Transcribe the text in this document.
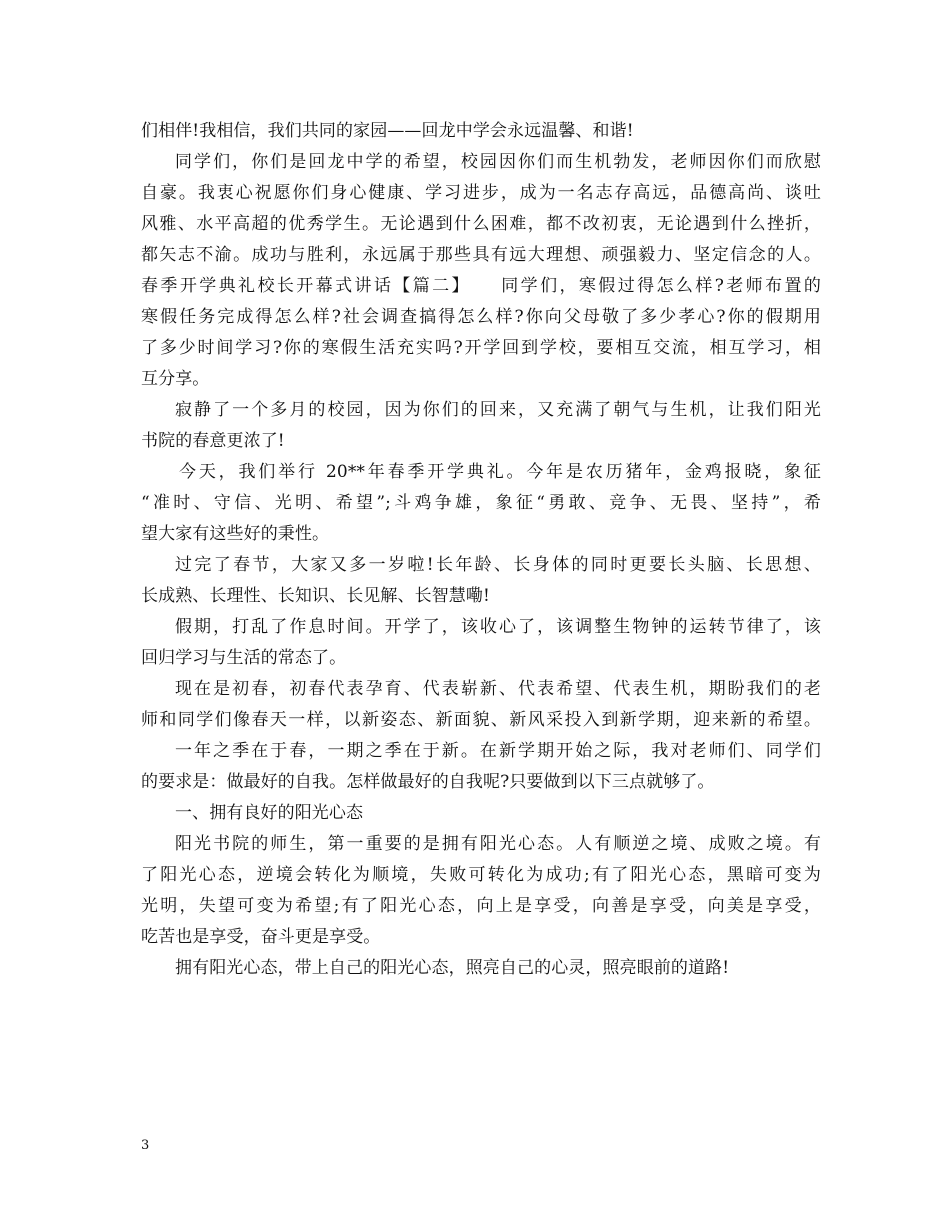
们相伴!我相信，我们共同的家园——回龙中学会永远温馨、和谐!
同学们，你们是回龙中学的希望，校园因你们而生机勃发，老师因你们而欣慰
自豪。我衷心祝愿你们身心健康、学习进步，成为一名志存高远，品德高尚、谈吐
风雅、水平高超的优秀学生。无论遇到什么困难，都不改初衷，无论遇到什么挫折，
都矢志不渝。成功与胜利，永远属于那些具有远大理想、顽强毅力、坚定信念的人。
春季开学典礼校长开幕式讲话【篇二】　　同学们，寒假过得怎么样?老师布置的
寒假任务完成得怎么样?社会调查搞得怎么样?你向父母敬了多少孝心?你的假期用
了多少时间学习?你的寒假生活充实吗?开学回到学校，要相互交流，相互学习，相
互分享。
寂静了一个多月的校园，因为你们的回来，又充满了朝气与生机，让我们阳光
书院的春意更浓了!
今天，我们举行 20**年春季开学典礼。今年是农历猪年，金鸡报晓，象征
“准时、守信、光明、希望”;斗鸡争雄，象征“勇敢、竞争、无畏、坚持”，希
望大家有这些好的秉性。
过完了春节，大家又多一岁啦!长年龄、长身体的同时更要长头脑、长思想、
长成熟、长理性、长知识、长见解、长智慧嘞!
假期，打乱了作息时间。开学了，该收心了，该调整生物钟的运转节律了，该
回归学习与生活的常态了。
现在是初春，初春代表孕育、代表崭新、代表希望、代表生机，期盼我们的老
师和同学们像春天一样，以新姿态、新面貌、新风采投入到新学期，迎来新的希望。
一年之季在于春，一期之季在于新。在新学期开始之际，我对老师们、同学们
的要求是：做最好的自我。怎样做最好的自我呢?只要做到以下三点就够了。
一、拥有良好的阳光心态
阳光书院的师生，第一重要的是拥有阳光心态。人有顺逆之境、成败之境。有
了阳光心态，逆境会转化为顺境，失败可转化为成功;有了阳光心态，黑暗可变为
光明，失望可变为希望;有了阳光心态，向上是享受，向善是享受，向美是享受，
吃苦也是享受，奋斗更是享受。
拥有阳光心态，带上自己的阳光心态，照亮自己的心灵，照亮眼前的道路!
3
